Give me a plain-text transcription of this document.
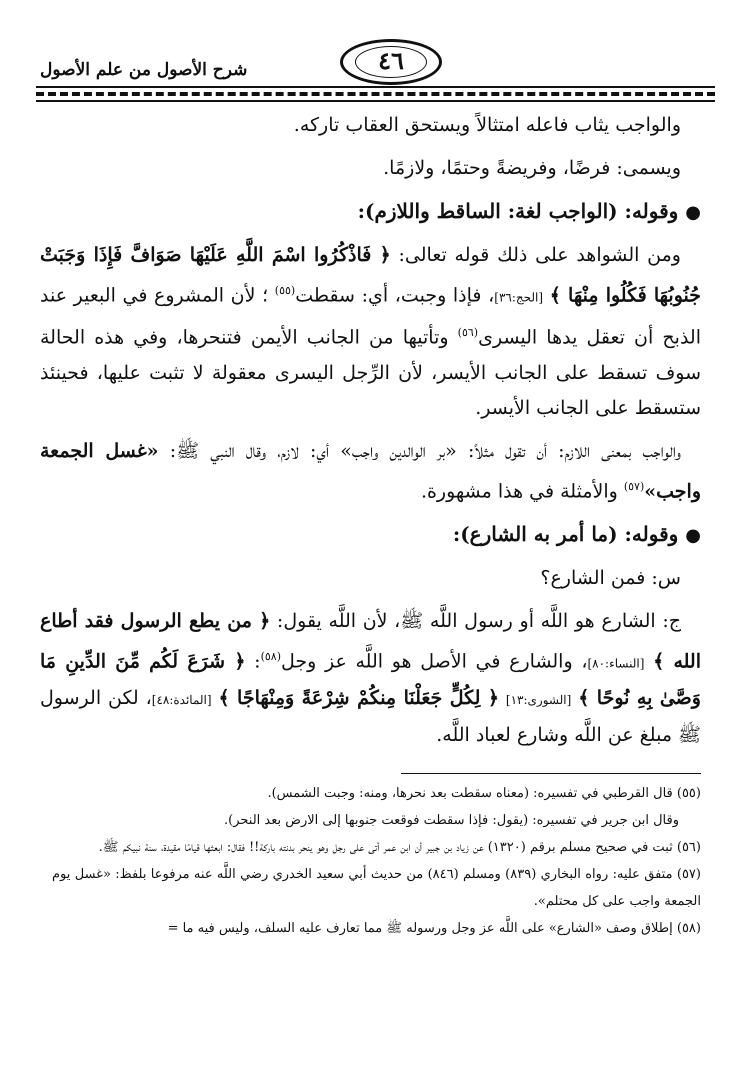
شرح الأصول من علم الأصول	٤٦

والواجب يثاب فاعله امتثالاً ويستحق العقاب تاركه.

ويسمى: فرضًا، وفريضةً وحتمًا، ولازمًا.

● وقوله: (الواجب لغة: الساقط واللازم):

ومن الشواهد على ذلك قوله تعالى: ﴿ فَاذْكُرُوا اسْمَ اللَّهِ عَلَيْهَا صَوَافَّ فَإِذَا وَجَبَتْ جُنُوبُهَا فَكُلُوا مِنْهَا ﴾ [الحج:٣٦]، فإذا وجبت، أي: سقطت$^{(٥٥)}$ ؛ لأن المشروع في البعير عند الذبح أن تعقل يدها اليسرى$^{(٥٦)}$ وتأتيها من الجانب الأيمن فتنحرها، وفي هذه الحالة سوف تسقط على الجانب الأيسر، لأن الرِّجل اليسرى معقولة لا تثبت عليها، فحينئذ ستسقط على الجانب الأيسر.

والواجب بمعنى اللازم: أن تقول مثلاً: «بر الوالدين واجب» أي: لازم، وقال النبي ﷺ: «غسل الجمعة واجب»$^{(٥٧)}$ والأمثلة في هذا مشهورة.

● وقوله: (ما أمر به الشارع):

س: فمن الشارع؟

ج: الشارع هو اللَّه أو رسول اللَّه ﷺ، لأن اللَّه يقول: ﴿ من يطع الرسول فقد أطاع الله ﴾ [النساء:٨٠]، والشارع في الأصل هو اللَّه عز وجل$^{(٥٨)}$: ﴿ شَرَعَ لَكُم مِّنَ الدِّينِ مَا وَصَّىٰ بِهِ نُوحًا ﴾ [الشورى:١٣] ﴿ لِكُلٍّ جَعَلْنَا مِنكُمْ شِرْعَةً وَمِنْهَاجًا ﴾ [المائدة:٤٨]، لكن الرسول ﷺ مبلغ عن اللَّه وشارع لعباد اللَّه.

(٥٥) قال القرطبي في تفسيره: (معناه سقطت بعد نحرها، ومنه: وجبت الشمس).

وقال ابن جرير في تفسيره: (يقول: فإذا سقطت فوقعت جنوبها إلى الارض بعد النحر).

(٥٦) ثبت في صحيح مسلم برقم (١٣٢٠) عن زياد بن جبير أن ابن عمر أتى على رجل وهو ينحر بدنته باركة!! فقال: ابعثها قيامًا مقيدة، سنة نبيكم ﷺ.

(٥٧) متفق عليه: رواه البخاري (٨٣٩) ومسلم (٨٤٦) من حديث أبي سعيد الخدري رضي اللَّه عنه مرفوعا بلفظ: «غسل يوم الجمعة واجب على كل محتلم».

(٥٨) إطلاق وصف «الشارع» على اللَّه عز وجل ورسوله ﷺ مما تعارف عليه السلف، وليس فيه ما =
